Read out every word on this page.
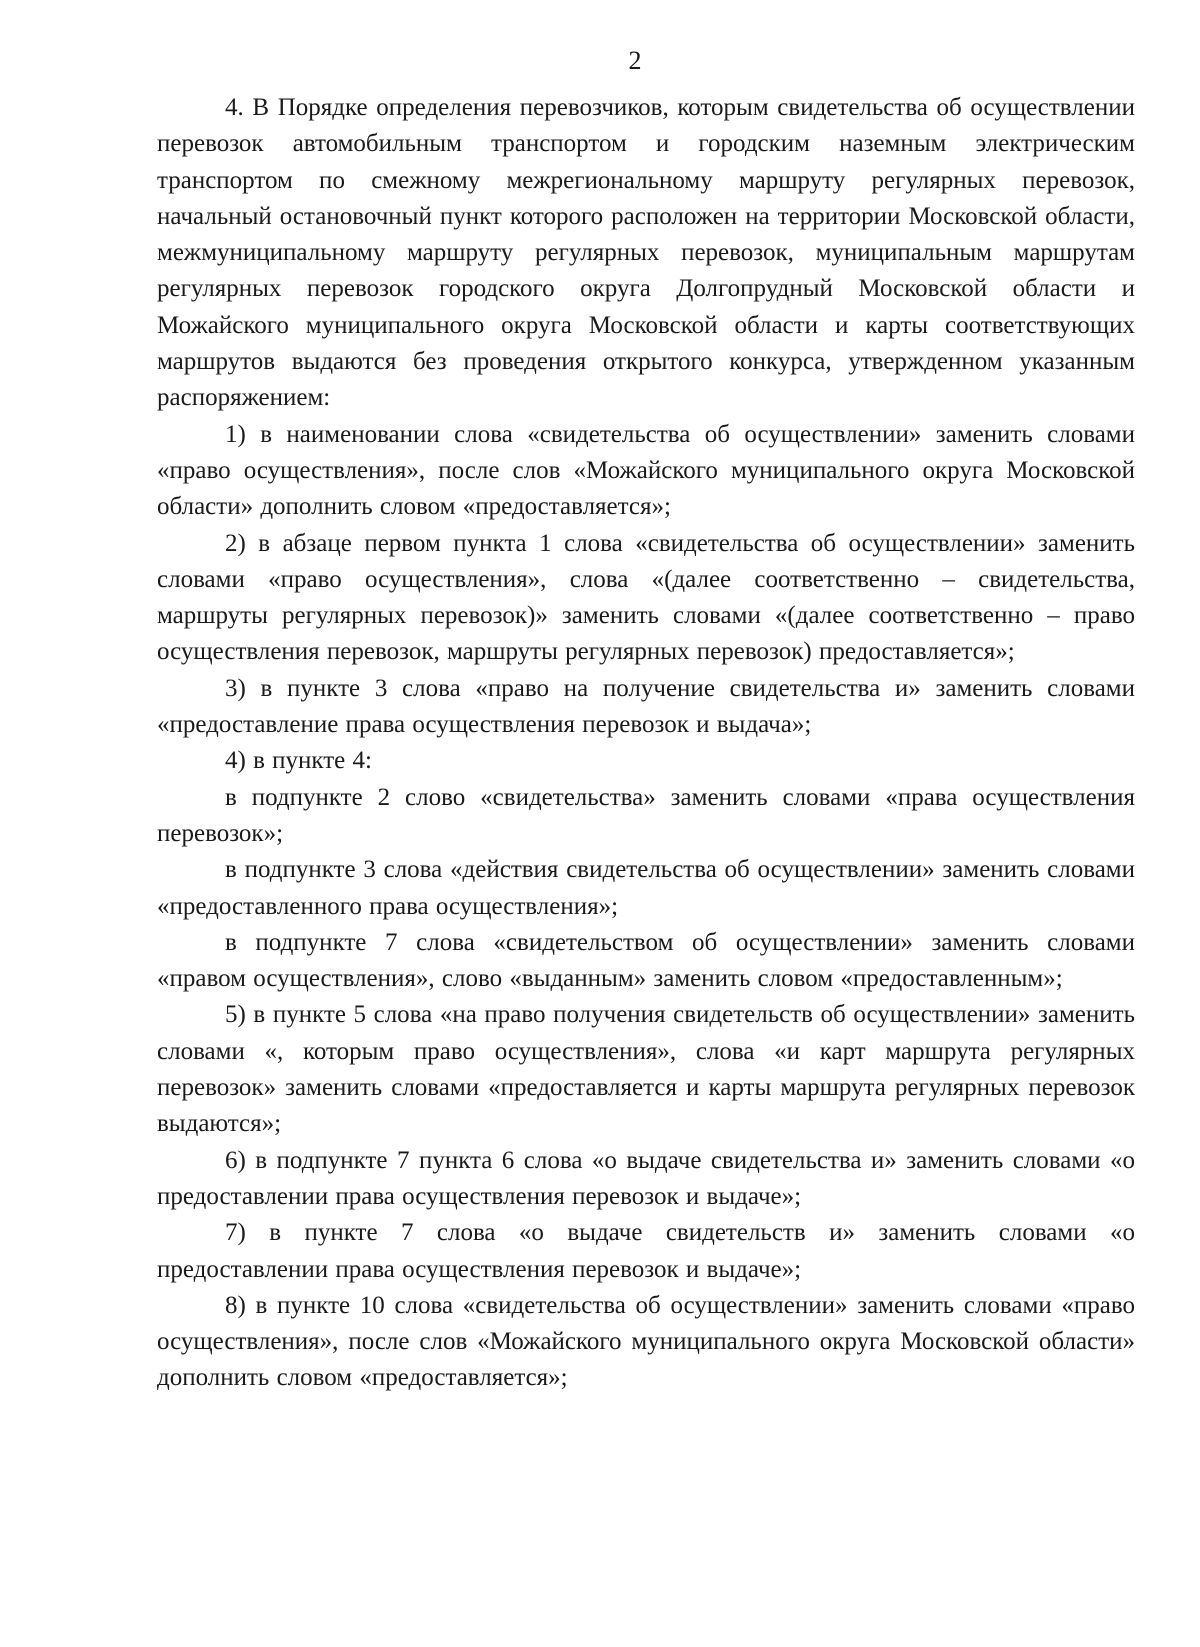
2

4. В Порядке определения перевозчиков, которым свидетельства об осуществлении перевозок автомобильным транспортом и городским наземным электрическим транспортом по смежному межрегиональному маршруту регулярных перевозок, начальный остановочный пункт которого расположен на территории Московской области, межмуниципальному маршруту регулярных перевозок, муниципальным маршрутам регулярных перевозок городского округа Долгопрудный Московской области и Можайского муниципального округа Московской области и карты соответствующих маршрутов выдаются без проведения открытого конкурса, утвержденном указанным распоряжением:

1) в наименовании слова «свидетельства об осуществлении» заменить словами «право осуществления», после слов «Можайского муниципального округа Московской области» дополнить словом «предоставляется»;

2) в абзаце первом пункта 1 слова «свидетельства об осуществлении» заменить словами «право осуществления», слова «(далее соответственно – свидетельства, маршруты регулярных перевозок)» заменить словами «(далее соответственно – право осуществления перевозок, маршруты регулярных перевозок) предоставляется»;

3) в пункте 3 слова «право на получение свидетельства и» заменить словами «предоставление права осуществления перевозок и выдача»;

4) в пункте 4:

в подпункте 2 слово «свидетельства» заменить словами «права осуществления перевозок»;

в подпункте 3 слова «действия свидетельства об осуществлении» заменить словами «предоставленного права осуществления»;

в подпункте 7 слова «свидетельством об осуществлении» заменить словами «правом осуществления», слово «выданным» заменить словом «предоставленным»;

5) в пункте 5 слова «на право получения свидетельств об осуществлении» заменить словами «, которым право осуществления», слова «и карт маршрута регулярных перевозок» заменить словами «предоставляется и карты маршрута регулярных перевозок выдаются»;

6) в подпункте 7 пункта 6 слова «о выдаче свидетельства и» заменить словами «о предоставлении права осуществления перевозок и выдаче»;

7) в пункте 7 слова «о выдаче свидетельств и» заменить словами «о предоставлении права осуществления перевозок и выдаче»;

8) в пункте 10 слова «свидетельства об осуществлении» заменить словами «право осуществления», после слов «Можайского муниципального округа Московской области» дополнить словом «предоставляется»;
